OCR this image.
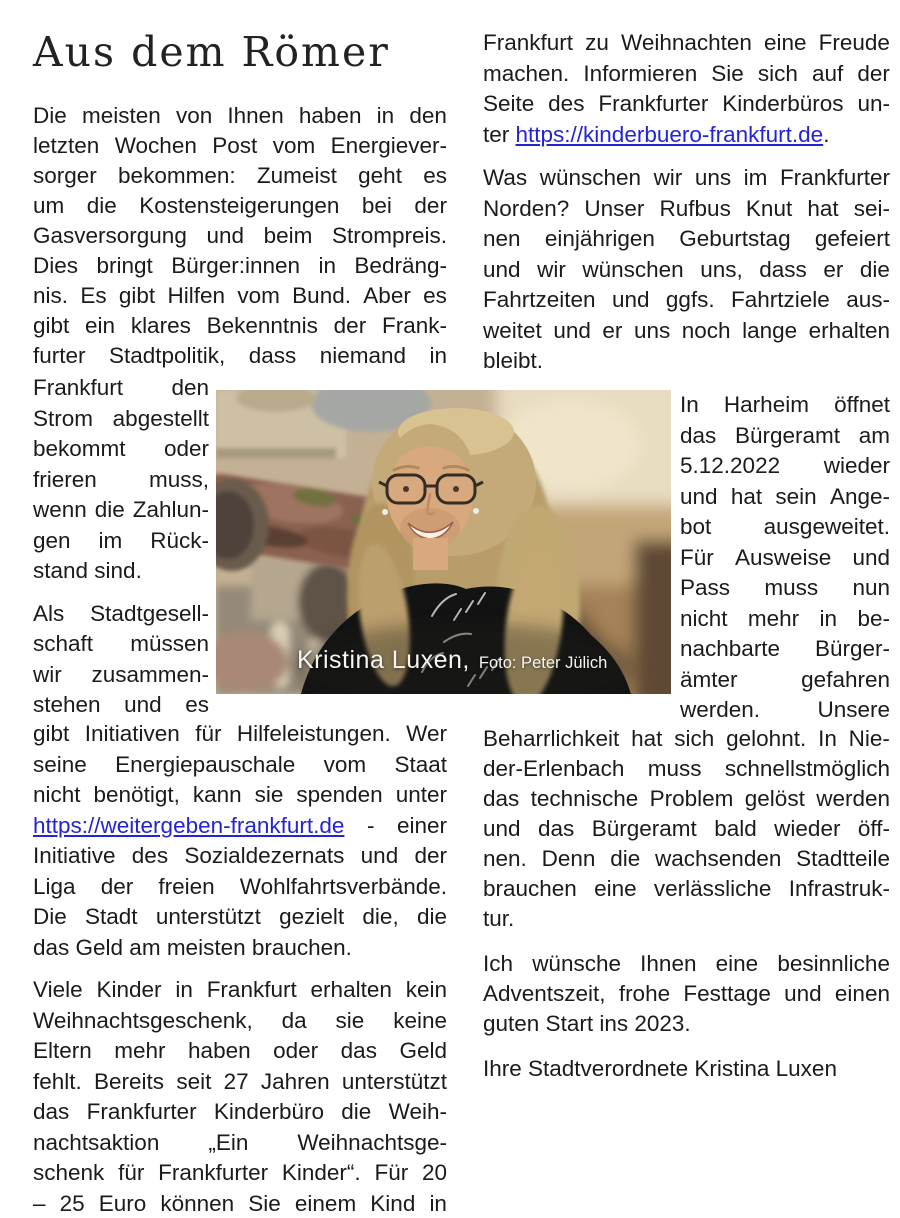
Aus dem Römer
Die meisten von Ihnen haben in den
letzten Wochen Post vom Energiever-
sorger bekommen: Zumeist geht es
um die Kostensteigerungen bei der
Gasversorgung und beim Strompreis.
Dies bringt Bürger:innen in Bedräng-
nis. Es gibt Hilfen vom Bund. Aber es
gibt ein klares Bekenntnis der Frank-
furter Stadtpolitik, dass niemand in
Frankfurt den
Strom abgestellt
bekommt oder
frieren muss,
wenn die Zahlun-
gen im Rück-
stand sind.
Als Stadtgesell-
schaft müssen
wir zusammen-
stehen und es
gibt Initiativen für Hilfeleistungen. Wer
seine Energiepauschale vom Staat
nicht benötigt, kann sie spenden unter
https://weitergeben-frankfurt.de - einer
Initiative des Sozialdezernats und der
Liga der freien Wohlfahrtsverbände.
Die Stadt unterstützt gezielt die, die
das Geld am meisten brauchen.
Viele Kinder in Frankfurt erhalten kein
Weihnachtsgeschenk, da sie keine
Eltern mehr haben oder das Geld
fehlt. Bereits seit 27 Jahren unterstützt
das Frankfurter Kinderbüro die Weih-
nachtsaktion „Ein Weihnachtsge-
schenk für Frankfurter Kinder“. Für 20
– 25 Euro können Sie einem Kind in
Frankfurt zu Weihnachten eine Freude
machen. Informieren Sie sich auf der
Seite des Frankfurter Kinderbüros un-
ter https://kinderbuero-frankfurt.de.
Was wünschen wir uns im Frankfurter
Norden? Unser Rufbus Knut hat sei-
nen einjährigen Geburtstag gefeiert
und wir wünschen uns, dass er die
Fahrtzeiten und ggfs. Fahrtziele aus-
weitet und er uns noch lange erhalten
bleibt.
In Harheim öffnet
das Bürgeramt am
5.12.2022 wieder
und hat sein Ange-
bot ausgeweitet.
Für Ausweise und
Pass muss nun
nicht mehr in be-
nachbarte Bürger-
ämter	gefahren
werden.	Unsere
Beharrlichkeit hat sich gelohnt. In Nie-
der-Erlenbach muss schnellstmöglich
das technische Problem gelöst werden
und das Bürgeramt bald wieder öff-
nen. Denn die wachsenden Stadtteile
brauchen eine verlässliche Infrastruk-
tur.
Ich wünsche Ihnen eine besinnliche
Adventszeit, frohe Festtage und einen
guten Start ins 2023.
Ihre Stadtverordnete Kristina Luxen
Kristina Luxen, Foto: Peter Jülich
